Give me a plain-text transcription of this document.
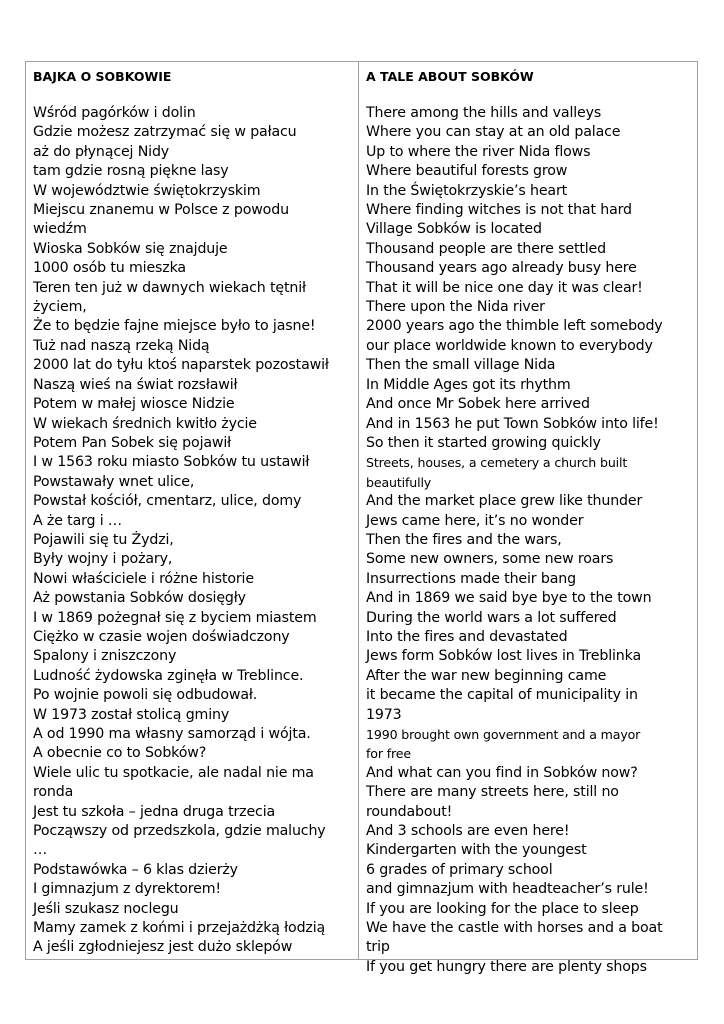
BAJKA O SOBKOWIE
Wśród pagórków i dolin
Gdzie możesz zatrzymać się w pałacu
aż do płynącej Nidy
tam gdzie rosną piękne lasy
W województwie świętokrzyskim
Miejscu znanemu w Polsce z powodu
wiedźm
Wioska Sobków się znajduje
1000 osób tu mieszka
Teren ten już w dawnych wiekach tętnił
życiem,
Że to będzie fajne miejsce było to jasne!
Tuż nad naszą rzeką Nidą
2000 lat do tyłu ktoś naparstek pozostawił
Naszą wieś na świat rozsławił
Potem w małej wiosce Nidzie
W wiekach średnich kwitło życie
Potem Pan Sobek się pojawił
I w 1563 roku miasto Sobków tu ustawił
Powstawały wnet ulice,
Powstał kościół, cmentarz, ulice, domy
A że targ i …
Pojawili się tu Żydzi,
Były wojny i pożary,
Nowi właściciele i różne historie
Aż powstania Sobków dosięgły
I w 1869 pożegnał się z byciem miastem
Ciężko w czasie wojen doświadczony
Spalony i zniszczony
Ludność żydowska zginęła w Treblince.
Po wojnie powoli się odbudował.
W 1973 został stolicą gminy
A od 1990 ma własny samorząd i wójta.
A obecnie co to Sobków?
Wiele ulic tu spotkacie, ale nadal nie ma
ronda
Jest tu szkoła – jedna druga trzecia
Począwszy od przedszkola, gdzie maluchy
…
Podstawówka – 6 klas dzierży
I gimnazjum z dyrektorem!
Jeśli szukasz noclegu
Mamy zamek z końmi i przejażdżką łodzią
A jeśli zgłodniejesz jest dużo sklepów
A TALE ABOUT SOBKÓW
There among the hills and valleys
Where you can stay at an old palace
Up to where the river Nida flows
Where beautiful forests grow
In the Świętokrzyskie’s heart
Where finding witches is not that hard
Village Sobków is located
Thousand people are there settled
Thousand years ago already busy here
That it will be nice one day it was clear!
There upon the Nida river
2000 years ago the thimble left somebody
our place worldwide known to everybody
Then the small village Nida
In Middle Ages got its rhythm
And once Mr Sobek here arrived
And in 1563 he put Town Sobków into life!
So then it started growing quickly
Streets, houses, a cemetery a church built
beautifully
And the market place grew like thunder
Jews came here, it’s no wonder
Then the fires and the wars,
Some new owners, some new roars
Insurrections made their bang
And in 1869 we said bye bye to the town
During the world wars a lot suffered
Into the fires and devastated
Jews form Sobków lost lives in Treblinka
After the war new beginning came
it became the capital of municipality in
1973
1990 brought own government and a mayor
for free
And what can you find in Sobków now?
There are many streets here, still no
roundabout!
And 3 schools are even here!
Kindergarten with the youngest
6 grades of primary school
and gimnazjum with headteacher’s rule!
If you are looking for the place to sleep
We have the castle with horses and a boat
trip
If you get hungry there are plenty shops
